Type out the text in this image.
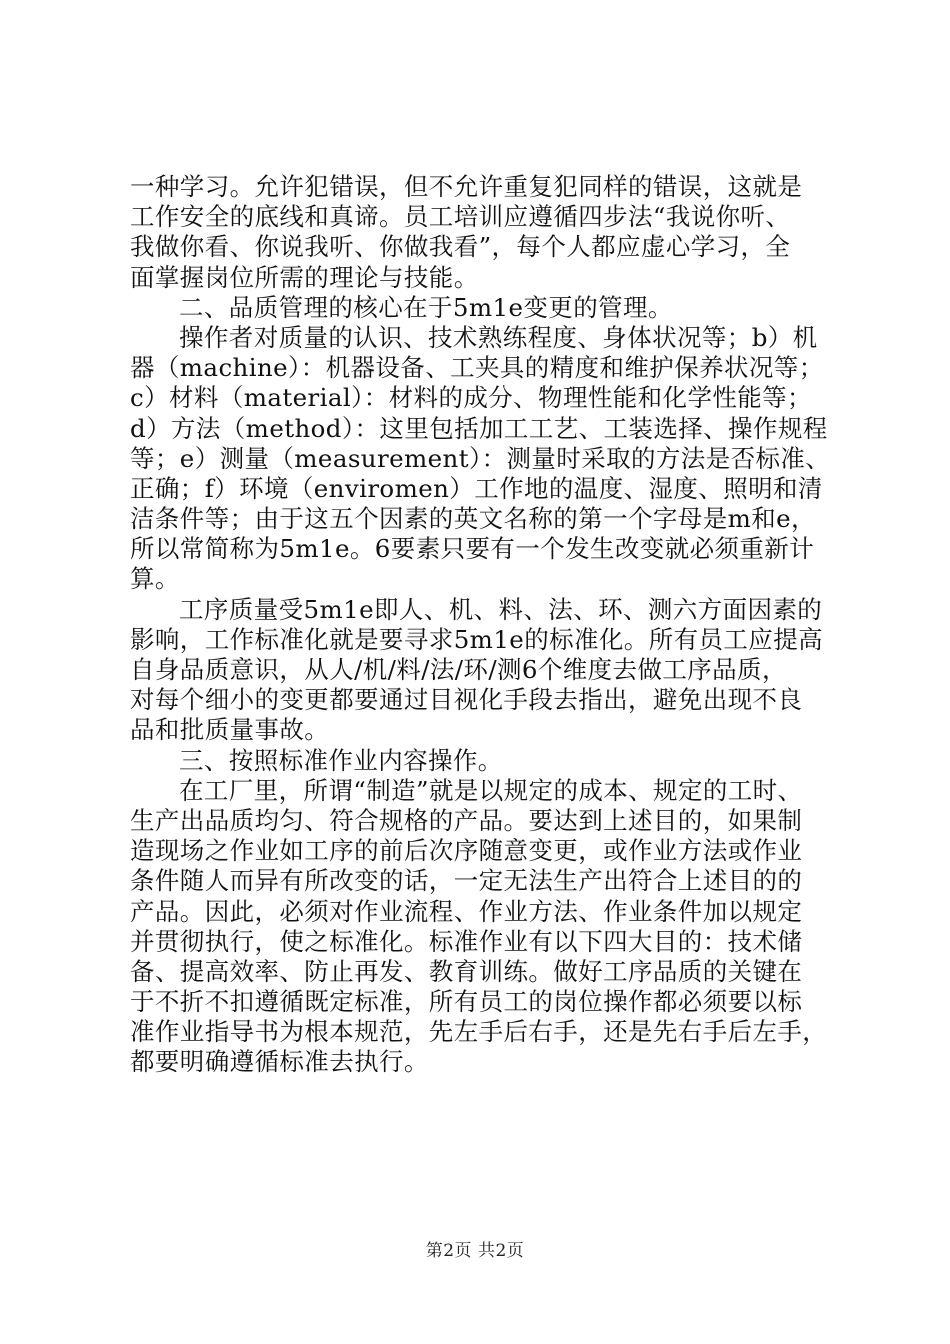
一种学习。允许犯错误，但不允许重复犯同样的错误，这就是
工作安全的底线和真谛。员工培训应遵循四步法“我说你听、
我做你看、你说我听、你做我看”，每个人都应虚心学习，全
面掌握岗位所需的理论与技能。
二、品质管理的核心在于5m1e变更的管理。
操作者对质量的认识、技术熟练程度、身体状况等；b）机
器（machine）：机器设备、工夹具的精度和维护保养状况等；
c）材料（material）：材料的成分、物理性能和化学性能等；
d）方法（method）：这里包括加工工艺、工装选择、操作规程
等；e）测量（measurement）：测量时采取的方法是否标准、
正确；f）环境（enviromen）工作地的温度、湿度、照明和清
洁条件等；由于这五个因素的英文名称的第一个字母是m和e，
所以常简称为5m1e。6要素只要有一个发生改变就必须重新计
算。
工序质量受5m1e即人、机、料、法、环、测六方面因素的
影响，工作标准化就是要寻求5m1e的标准化。所有员工应提高
自身品质意识，从人/机/料/法/环/测6个维度去做工序品质，
对每个细小的变更都要通过目视化手段去指出，避免出现不良
品和批质量事故。
三、按照标准作业内容操作。
在工厂里，所谓“制造”就是以规定的成本、规定的工时、
生产出品质均匀、符合规格的产品。要达到上述目的，如果制
造现场之作业如工序的前后次序随意变更，或作业方法或作业
条件随人而异有所改变的话，一定无法生产出符合上述目的的
产品。因此，必须对作业流程、作业方法、作业条件加以规定
并贯彻执行，使之标准化。标准作业有以下四大目的：技术储
备、提高效率、防止再发、教育训练。做好工序品质的关键在
于不折不扣遵循既定标准，所有员工的岗位操作都必须要以标
准作业指导书为根本规范，先左手后右手，还是先右手后左手，
都要明确遵循标准去执行。
第2页 共2页
